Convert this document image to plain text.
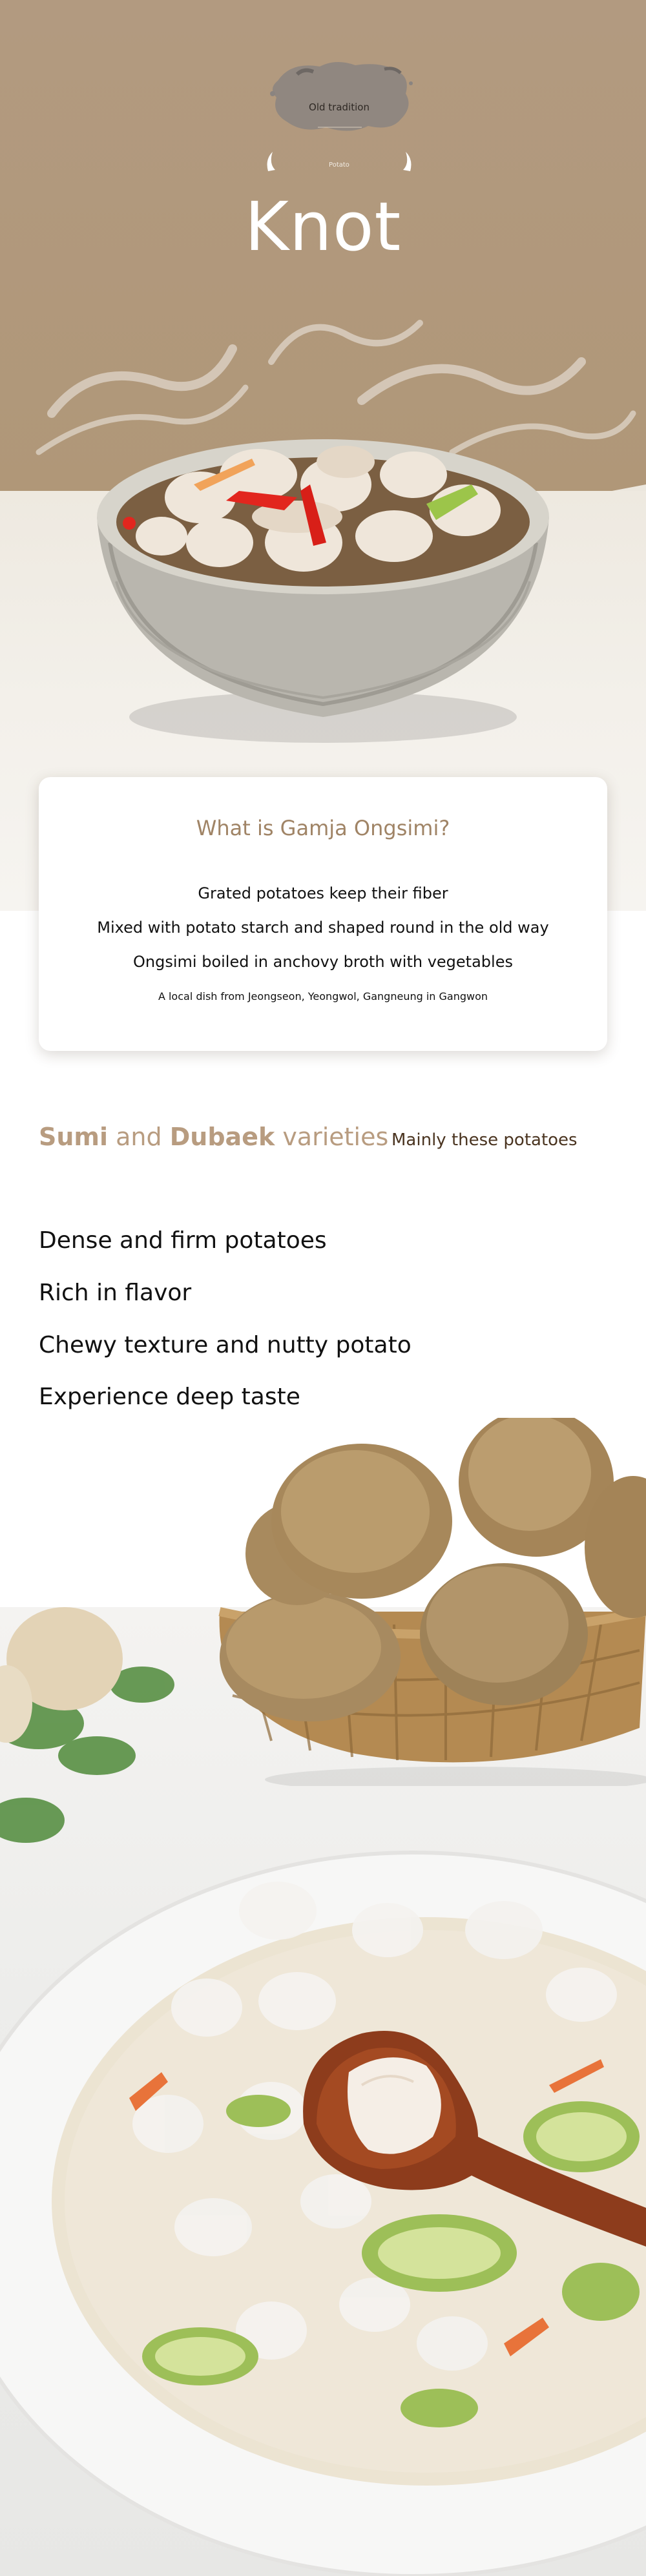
Old tradition
Potato
Knot
What is Gamja Ongsimi?
Grated potatoes keep their fiber
Mixed with potato starch and shaped round in the old way
Ongsimi boiled in anchovy broth with vegetables
A local dish from Jeongseon, Yeongwol, Gangneung in Gangwon
Sumi and Dubaek varieties Mainly these potatoes
Dense and firm potatoes
Rich in flavor
Chewy texture and nutty potato
Experience deep taste
